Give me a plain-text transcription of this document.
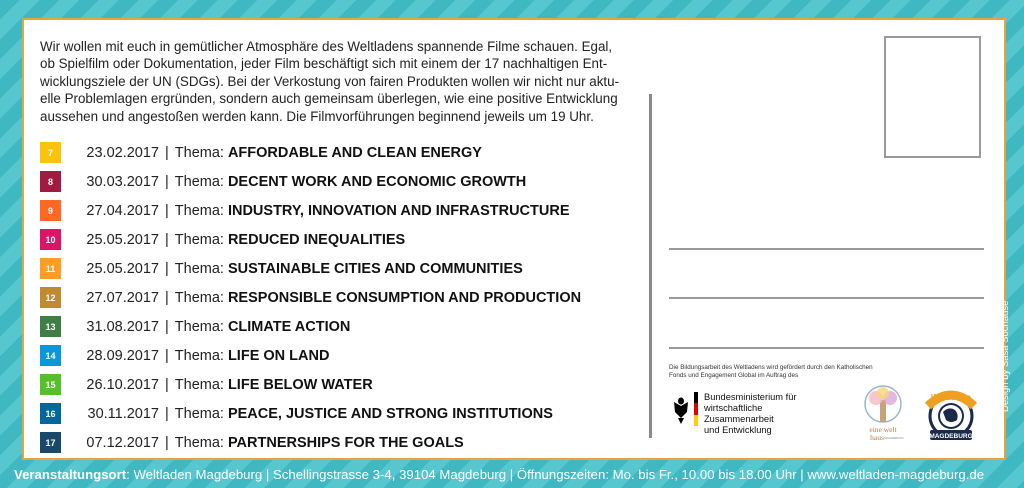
Wir wollen mit euch in gemütlicher Atmosphäre des Weltladens spannende Filme schauen. Egal,
ob Spielfilm oder Dokumentation, jeder Film beschäftigt sich mit einem der 17 nachhaltigen Ent-
wicklungsziele der UN (SDGs). Bei der Verkostung von fairen Produkten wollen wir nicht nur aktu-
elle Problemlagen ergründen, sondern auch gemeinsam überlegen, wie eine positive Entwicklung
aussehen und angestoßen werden kann. Die Filmvorführungen beginnend jeweils um 19 Uhr.
7	23.02.2017 | Thema: AFFORDABLE AND CLEAN ENERGY
8	30.03.2017 | Thema: DECENT WORK AND ECONOMIC GROWTH
9	27.04.2017 | Thema: INDUSTRY, INNOVATION AND INFRASTRUCTURE
10	25.05.2017 | Thema: REDUCED INEQUALITIES
11	25.05.2017 | Thema: SUSTAINABLE CITIES AND COMMUNITIES
12	27.07.2017 | Thema: RESPONSIBLE CONSUMPTION AND PRODUCTION
13	31.08.2017 | Thema: CLIMATE ACTION
14	28.09.2017 | Thema: LIFE ON LAND
15	26.10.2017 | Thema: LIFE BELOW WATER
16	30.11.2017 | Thema: PEACE, JUSTICE AND STRONG INSTITUTIONS
17	07.12.2017 | Thema: PARTNERSHIPS FOR THE GOALS
Die Bildungsarbeit des Weltladens wird gefördert durch den Katholischen Fonds und Engagement Global im Auftrag des
Bundesministerium für
wirtschaftliche Zusammenarbeit
und Entwicklung	eine welt
haus MAGDEBURG
Weltladen
MAGDEBURG
Design by Sasa Sochadse
Veranstaltungsort: Weltladen Magdeburg | Schellingstrasse 3-4, 39104 Magdeburg | Öffnungszeiten: Mo. bis Fr., 10.00 bis 18.00 Uhr | www.weltladen-magdeburg.de
